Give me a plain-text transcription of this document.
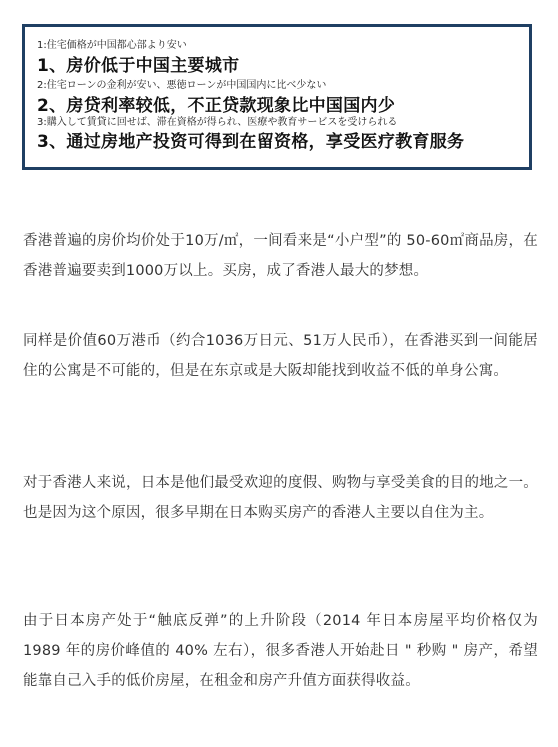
1:住宅価格が中国都心部より安い
1、房价低于中国主要城市
2:住宅ローンの金利が安い、悪徳ローンが中国国内に比べ少ない
2、房贷利率较低，不正贷款现象比中国国内少
3:購入して賃貸に回せば、滞在資格が得られ、医療や教育サービスを受けられる
3、通过房地产投资可得到在留资格，享受医疗教育服务

香港普遍的房价均价处于10万/㎡，一间看来是“小户型”的 50-60㎡商品房，在香港普遍要卖到1000万以上。买房，成了香港人最大的梦想。

同样是价值60万港币（约合1036万日元、51万人民币），在香港买到一间能居住的公寓是不可能的，但是在东京或是大阪却能找到收益不低的单身公寓。

对于香港人来说，日本是他们最受欢迎的度假、购物与享受美食的目的地之一。也是因为这个原因，很多早期在日本购买房产的香港人主要以自住为主。

由于日本房产处于“触底反弹”的上升阶段（2014 年日本房屋平均价格仅为 1989 年的房价峰值的 40% 左右），很多香港人开始赴日 " 秒购 " 房产，希望能靠自己入手的低价房屋，在租金和房产升值方面获得收益。
